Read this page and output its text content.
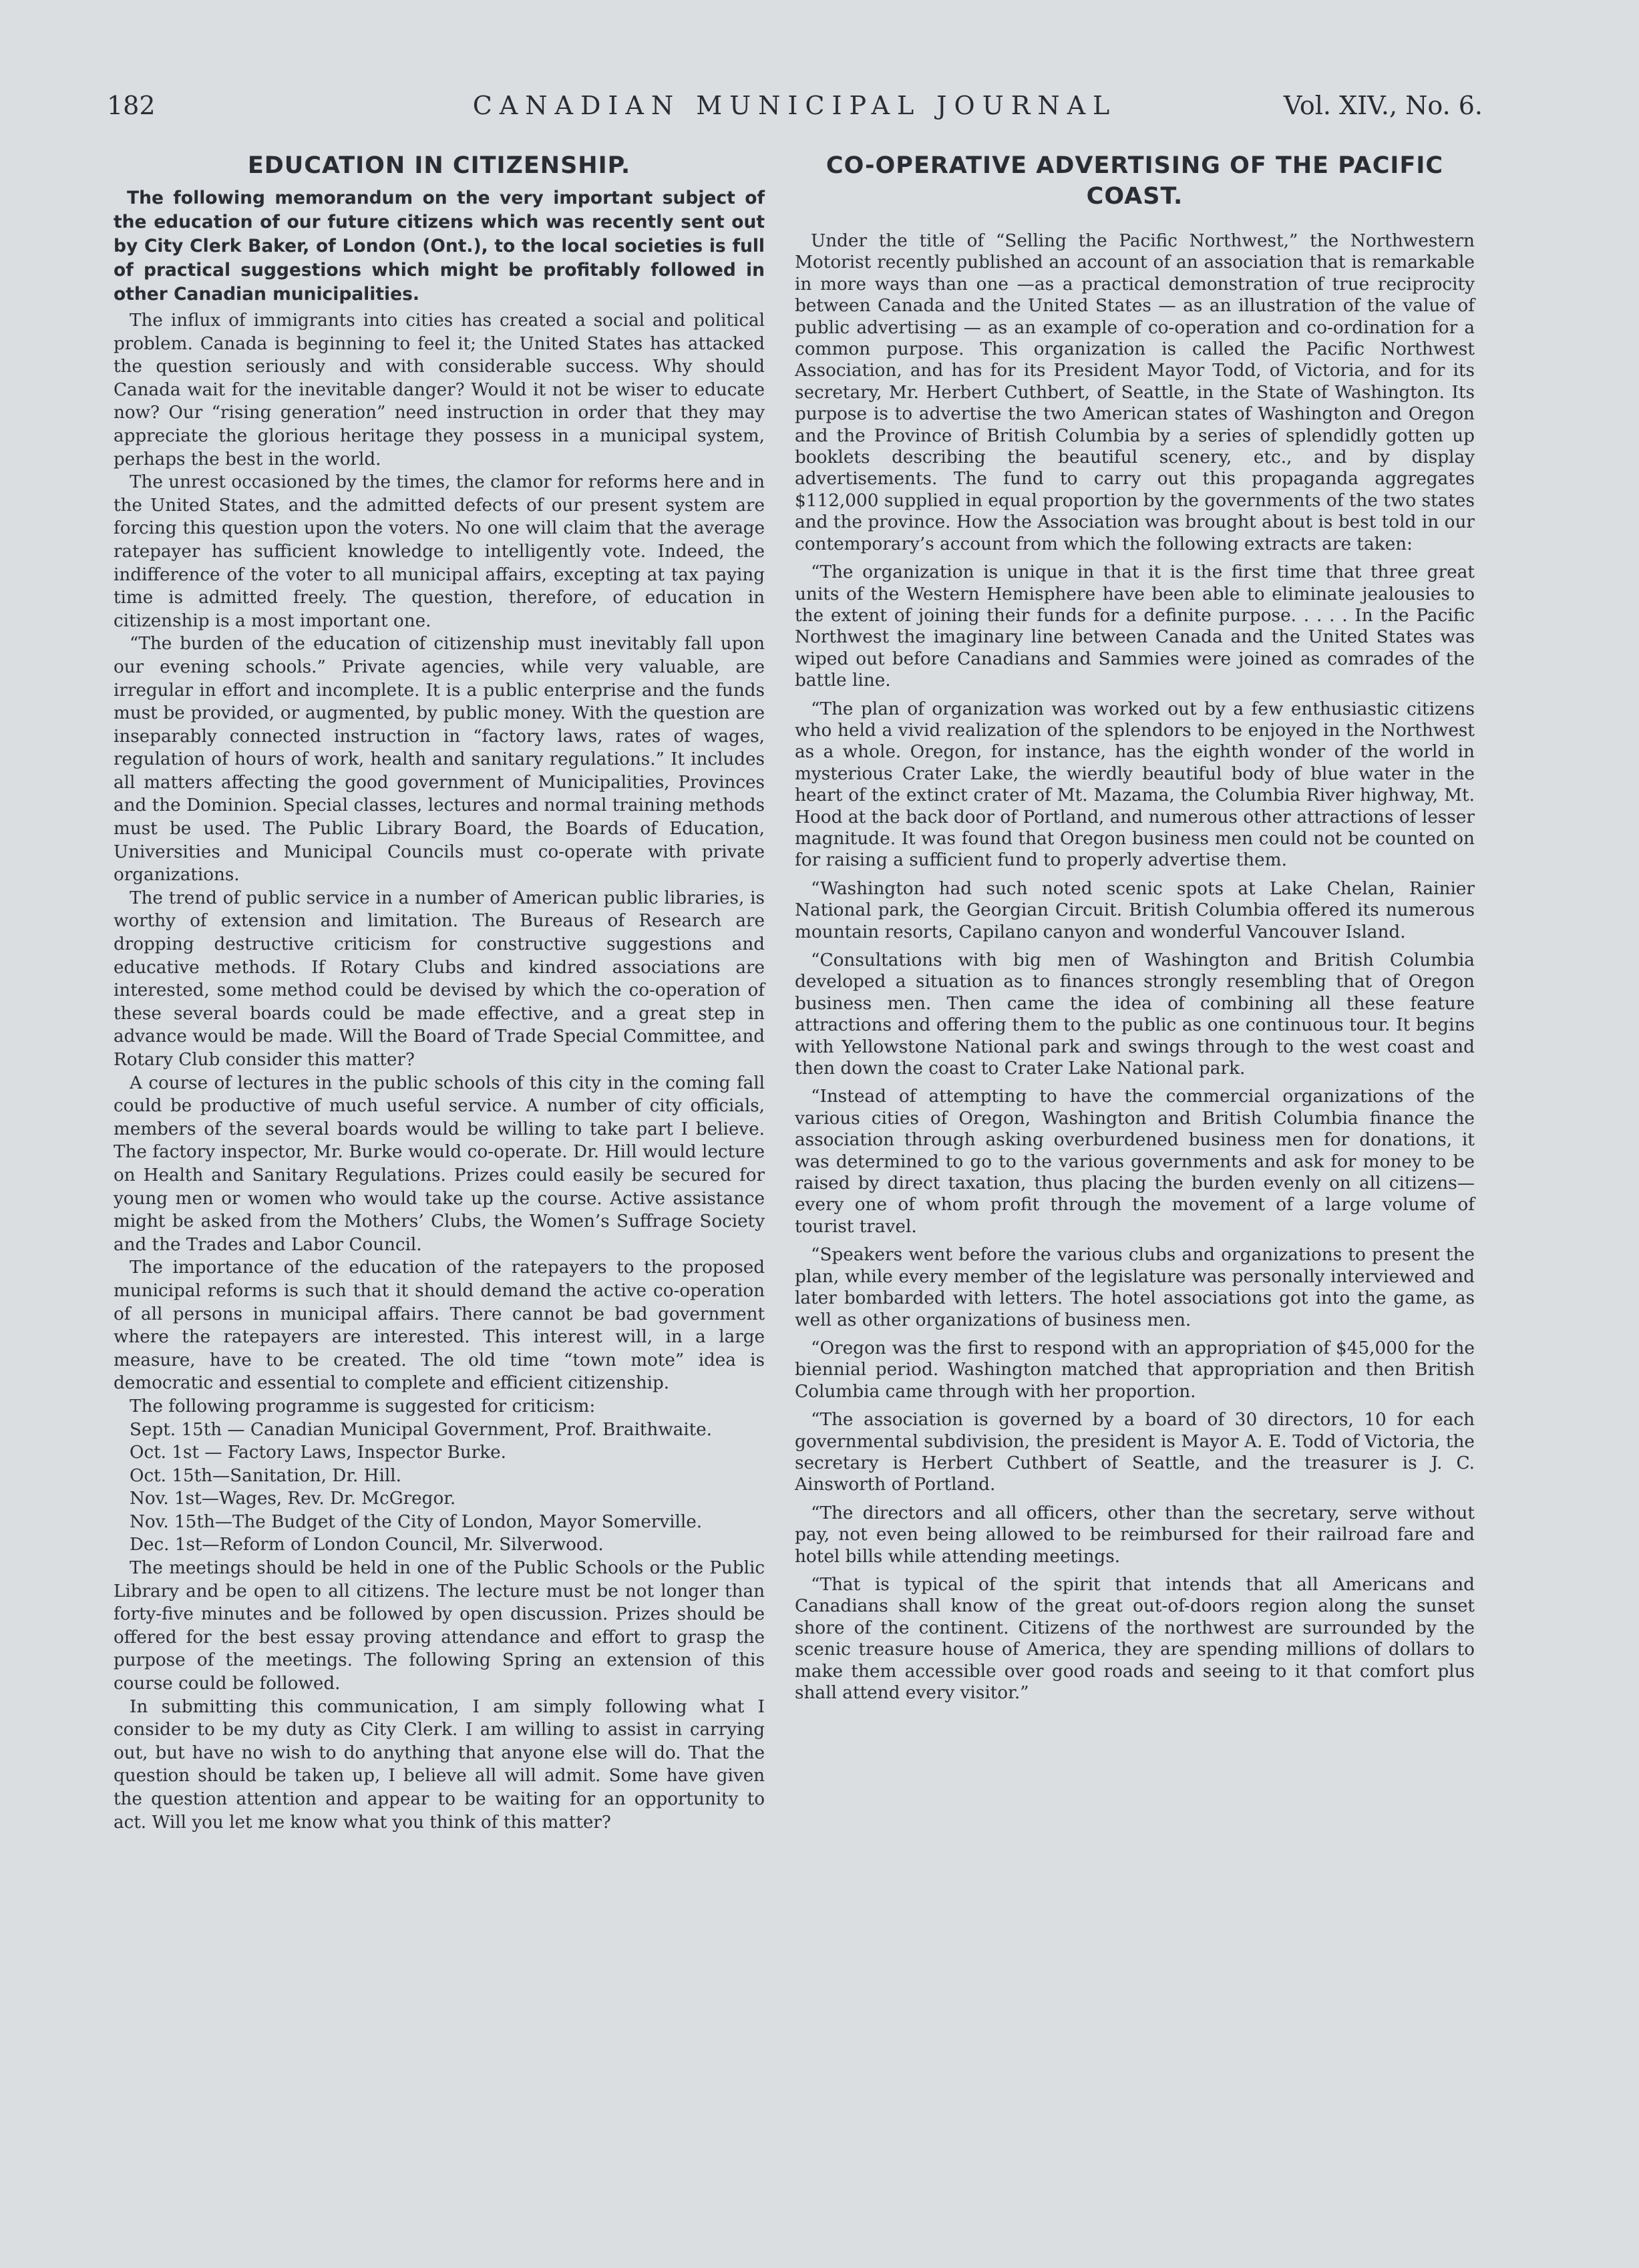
182	CANADIAN MUNICIPAL JOURNAL	Vol. XIV., No. 6.
EDUCATION IN CITIZENSHIP.
The following memorandum on the very important subject of the education of our future citizens which was recently sent out by City Clerk Baker, of London (Ont.), to the local societies is full of practical suggestions which might be profitably followed in other Canadian municipalities.

The influx of immigrants into cities has created a social and political problem. Canada is beginning to feel it; the United States has attacked the question seriously and with considerable success. Why should Canada wait for the inevitable danger? Would it not be wiser to educate now? Our “rising generation” need instruction in order that they may appreciate the glorious heritage they possess in a municipal system, perhaps the best in the world.

The unrest occasioned by the times, the clamor for reforms here and in the United States, and the admitted defects of our present system are forcing this question upon the voters. No one will claim that the average ratepayer has sufficient knowledge to intelligently vote. Indeed, the indifference of the voter to all municipal affairs, excepting at tax paying time is admitted freely. The question, therefore, of education in citizenship is a most important one.

“The burden of the education of citizenship must inevitably fall upon our evening schools.” Private agencies, while very valuable, are irregular in effort and incomplete. It is a public enterprise and the funds must be provided, or augmented, by public money. With the question are inseparably connected instruction in “factory laws, rates of wages, regulation of hours of work, health and sanitary regulations.” It includes all matters affecting the good government of Municipalities, Provinces and the Dominion. Special classes, lectures and normal training methods must be used. The Public Library Board, the Boards of Education, Universities and Municipal Councils must co-operate with private organizations.

The trend of public service in a number of American public libraries, is worthy of extension and limitation. The Bureaus of Research are dropping destructive criticism for constructive suggestions and educative methods. If Rotary Clubs and kindred associations are interested, some method could be devised by which the co-operation of these several boards could be made effective, and a great step in advance would be made. Will the Board of Trade Special Committee, and Rotary Club consider this matter?

A course of lectures in the public schools of this city in the coming fall could be productive of much useful service. A number of city officials, members of the several boards would be willing to take part I believe. The factory inspector, Mr. Burke would co-operate. Dr. Hill would lecture on Health and Sanitary Regulations. Prizes could easily be secured for young men or women who would take up the course. Active assistance might be asked from the Mothers’ Clubs, the Women’s Suffrage Society and the Trades and Labor Council.

The importance of the education of the ratepayers to the proposed municipal reforms is such that it should demand the active co-operation of all persons in municipal affairs. There cannot be bad government where the ratepayers are interested. This interest will, in a large measure, have to be created. The old time “town mote” idea is democratic and essential to complete and efficient citizenship.

The following programme is suggested for criticism:

Sept. 15th — Canadian Municipal Government, Prof. Braithwaite.

Oct. 1st — Factory Laws, Inspector Burke.

Oct. 15th—Sanitation, Dr. Hill.

Nov. 1st—Wages, Rev. Dr. McGregor.

Nov. 15th—The Budget of the City of London, Mayor Somerville.

Dec. 1st—Reform of London Council, Mr. Silverwood.

The meetings should be held in one of the Public Schools or the Public Library and be open to all citizens. The lecture must be not longer than forty-five minutes and be followed by open discussion. Prizes should be offered for the best essay proving attendance and effort to grasp the purpose of the meetings. The following Spring an extension of this course could be followed.

In submitting this communication, I am simply following what I consider to be my duty as City Clerk. I am willing to assist in carrying out, but have no wish to do anything that anyone else will do. That the question should be taken up, I believe all will admit. Some have given the question attention and appear to be waiting for an opportunity to act. Will you let me know what you think of this matter?

CO-OPERATIVE ADVERTISING OF THE PACIFIC COAST.

Under the title of “Selling the Pacific Northwest,” the Northwestern Motorist recently published an account of an association that is remarkable in more ways than one —as a practical demonstration of true reciprocity between Canada and the United States — as an illustration of the value of public advertising — as an example of co-operation and co-ordination for a common purpose. This organization is called the Pacific Northwest Association, and has for its President Mayor Todd, of Victoria, and for its secretary, Mr. Herbert Cuthbert, of Seattle, in the State of Washington. Its purpose is to advertise the two American states of Washington and Oregon and the Province of British Columbia by a series of splendidly gotten up booklets describing the beautiful scenery, etc., and by display advertisements. The fund to carry out this propaganda aggregates $112,000 supplied in equal proportion by the governments of the two states and the province. How the Association was brought about is best told in our contemporary’s account from which the following extracts are taken:

“The organization is unique in that it is the first time that three great units of the Western Hemisphere have been able to eliminate jealousies to the extent of joining their funds for a definite purpose. . . . . In the Pacific Northwest the imaginary line between Canada and the United States was wiped out before Canadians and Sammies were joined as comrades of the battle line.

“The plan of organization was worked out by a few enthusiastic citizens who held a vivid realization of the splendors to be enjoyed in the Northwest as a whole. Oregon, for instance, has the eighth wonder of the world in mysterious Crater Lake, the wierdly beautiful body of blue water in the heart of the extinct crater of Mt. Mazama, the Columbia River highway, Mt. Hood at the back door of Portland, and numerous other attractions of lesser magnitude. It was found that Oregon business men could not be counted on for raising a sufficient fund to properly advertise them.

“Washington had such noted scenic spots at Lake Chelan, Rainier National park, the Georgian Circuit. British Columbia offered its numerous mountain resorts, Capilano canyon and wonderful Vancouver Island.

“Consultations with big men of Washington and British Columbia developed a situation as to finances strongly resembling that of Oregon business men. Then came the idea of combining all these feature attractions and offering them to the public as one continuous tour. It begins with Yellowstone National park and swings through to the west coast and then down the coast to Crater Lake National park.

“Instead of attempting to have the commercial organizations of the various cities of Oregon, Washington and British Columbia finance the association through asking overburdened business men for donations, it was determined to go to the various governments and ask for money to be raised by direct taxation, thus placing the burden evenly on all citizens—every one of whom profit through the movement of a large volume of tourist travel.

“Speakers went before the various clubs and organizations to present the plan, while every member of the legislature was personally interviewed and later bombarded with letters. The hotel associations got into the game, as well as other organizations of business men.

“Oregon was the first to respond with an appropriation of $45,000 for the biennial period. Washington matched that appropriation and then British Columbia came through with her proportion.

“The association is governed by a board of 30 directors, 10 for each governmental subdivision, the president is Mayor A. E. Todd of Victoria, the secretary is Herbert Cuthbert of Seattle, and the treasurer is J. C. Ainsworth of Portland.

“The directors and all officers, other than the secretary, serve without pay, not even being allowed to be reimbursed for their railroad fare and hotel bills while attending meetings.

“That is typical of the spirit that intends that all Americans and Canadians shall know of the great out-of-doors region along the sunset shore of the continent. Citizens of the northwest are surrounded by the scenic treasure house of America, they are spending millions of dollars to make them accessible over good roads and seeing to it that comfort plus shall attend every visitor.”
